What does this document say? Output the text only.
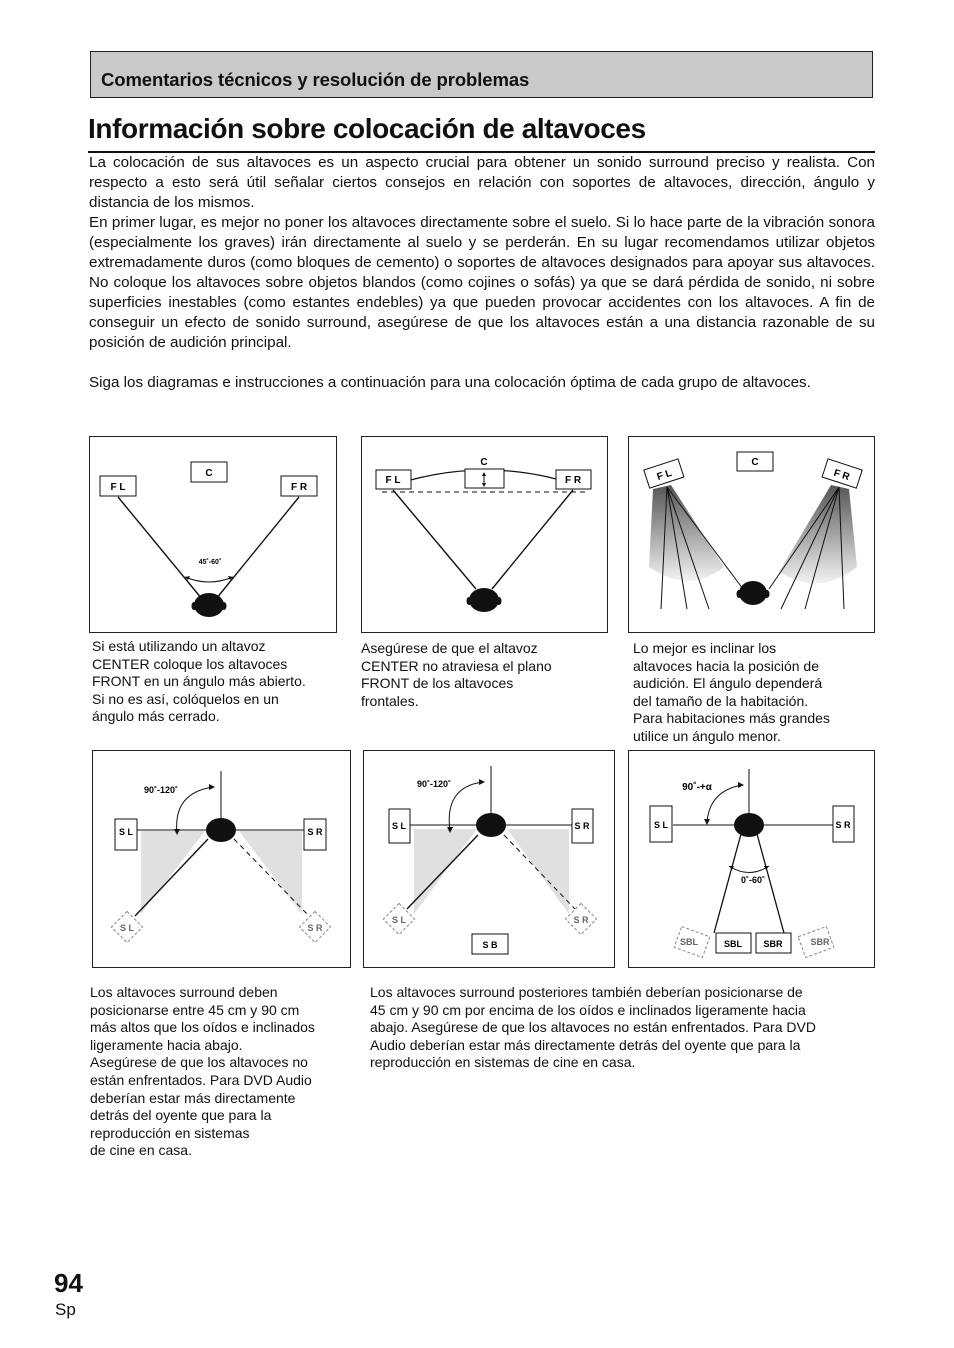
Comentarios técnicos y resolución de problemas
Información sobre colocación de altavoces
La colocación de sus altavoces es un aspecto crucial para obtener un sonido surround preciso y realista. Con respecto a esto será útil señalar ciertos consejos en relación con soportes de altavoces, dirección, ángulo y distancia de los mismos.
En primer lugar, es mejor no poner los altavoces directamente sobre el suelo. Si lo hace parte de la vibración sonora (especialmente los graves) irán directamente al suelo y se perderán. En su lugar recomendamos utilizar objetos extremadamente duros (como bloques de cemento) o soportes de altavoces designados para apoyar sus altavoces. No coloque los altavoces sobre objetos blandos (como cojines o sofás) ya que se dará pérdida de sonido, ni sobre superficies inestables (como estantes endebles) ya que pueden provocar accidentes con los altavoces. A fin de conseguir un efecto de sonido surround, asegúrese de que los altavoces están a una distancia razonable de su posición de audición principal.
Siga los diagramas e instrucciones a continuación para una colocación óptima de cada grupo de altavoces.
C
F L	F R
45˚-60˚
C
F L	F R
C
F L	F R
Si está utilizando un altavoz
CENTER coloque los altavoces
FRONT en un ángulo más abierto.
Si no es así, colóquelos en un
ángulo más cerrado.
Asegúrese de que el altavoz
CENTER no atraviesa el plano
FRONT de los altavoces
frontales.
Lo mejor es inclinar los
altavoces hacia la posición de
audición. El ángulo dependerá
del tamaño de la habitación.
Para habitaciones más grandes
utilice un ángulo menor.
90˚-120˚
S L	S R
S L	S R
90˚-120˚
S L	S R
S L	S R
S B
90˚-+α
S L	S R
0˚-60˚
SBL	SBL SBR	SBR
Los altavoces surround deben
posicionarse entre 45 cm y 90 cm
más altos que los oídos e inclinados
ligeramente hacia abajo.
Asegúrese de que los altavoces no
están enfrentados. Para DVD Audio
deberían estar más directamente
detrás del oyente que para la
reproducción en sistemas
de cine en casa.
Los altavoces surround posteriores también deberían posicionarse de
45 cm y 90 cm por encima de los oídos e inclinados ligeramente hacia
abajo. Asegúrese de que los altavoces no están enfrentados. Para DVD
Audio deberían estar más directamente detrás del oyente que para la
reproducción en sistemas de cine en casa.
94
Sp
